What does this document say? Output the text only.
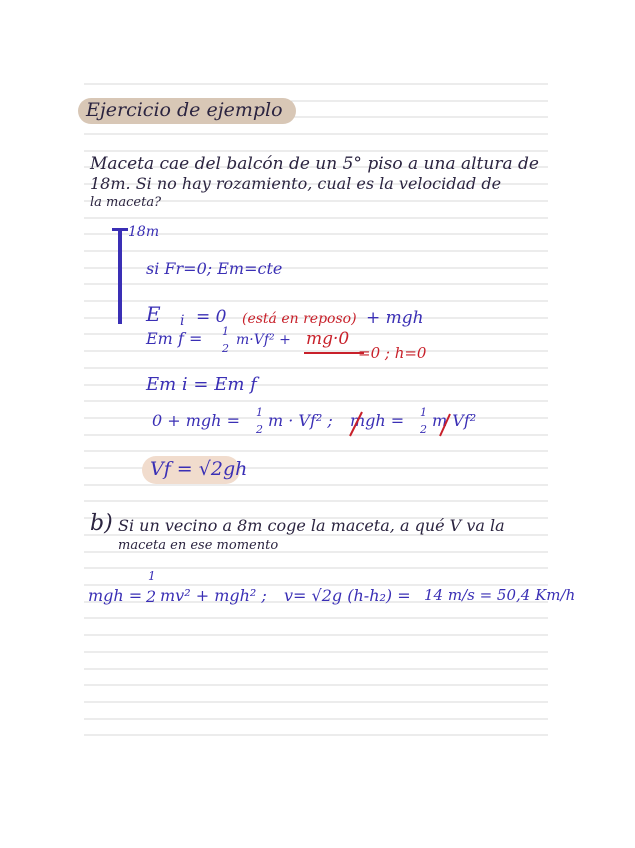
Ejercicio de ejemplo
Maceta cae del balcón de un 5° piso a una altura de
18m. Si no hay rozamiento, cual es la velocidad de
la maceta?
18m
si Fr=0; Em=cte
E i = 0 (está en reposo) + mgh
Em f = 1
2
m·Vf² + mg·0
=0 ; h=0
Em i = Em f
0 + mgh = 1
2 m · Vf² ; mgh = 1
2 m Vf²
Vf = √2gh
b) Si un vecino a 8m coge la maceta, a qué V va la
maceta en ese momento
mgh =
1
2 mv² + mgh² ; v= √2g (h-h₂) = 14 m/s = 50,4 Km/h
